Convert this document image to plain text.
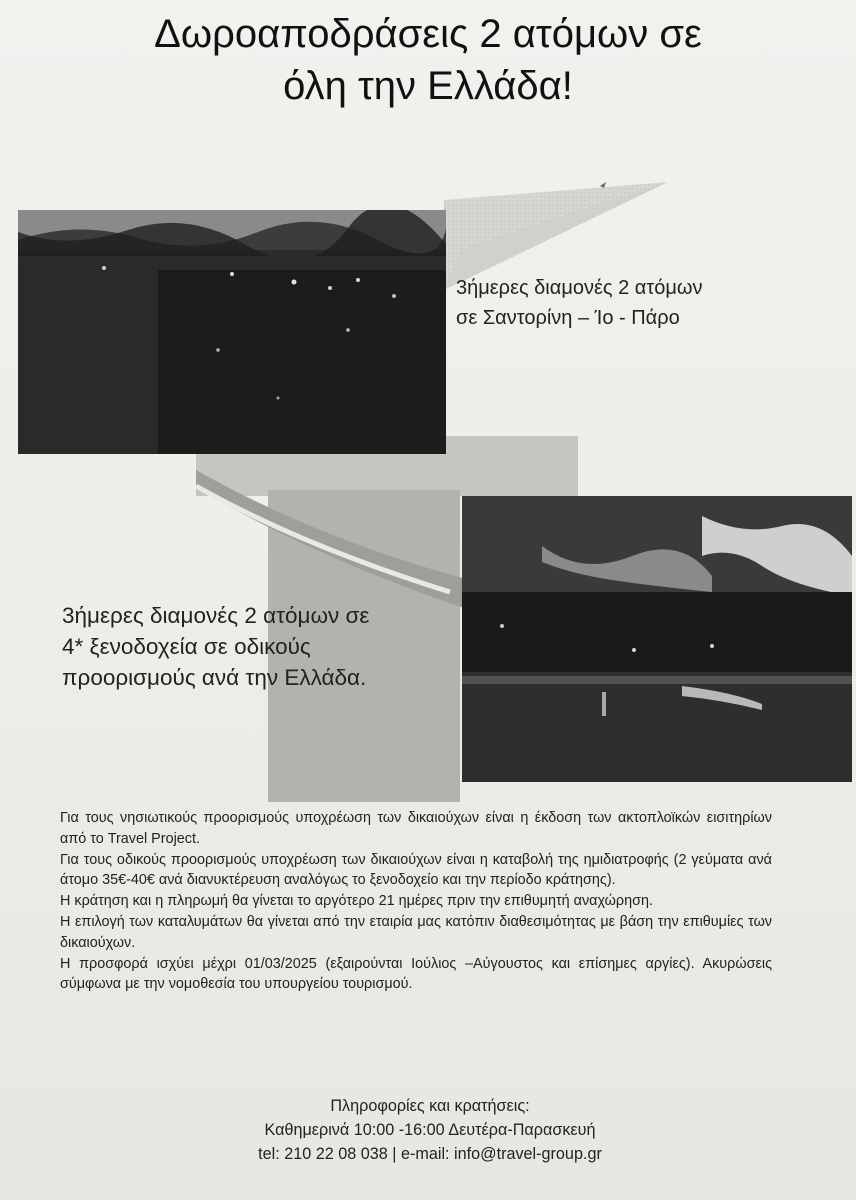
Δωροαποδράσεις 2 ατόμων σε
όλη την Ελλάδα!
3ήμερες διαμονές 2 ατόμων
σε Σαντορίνη – Ίο - Πάρο
3ήμερες διαμονές 2 ατόμων σε
4* ξενοδοχεία σε οδικούς
προορισμούς ανά την Ελλάδα.

Για τους νησιωτικούς προορισμούς υποχρέωση των δικαιούχων είναι η έκδοση των ακτοπλοϊκών εισιτηρίων από το Travel Project.

Για τους οδικούς προορισμούς υποχρέωση των δικαιούχων είναι η καταβολή της ημιδιατροφής (2 γεύματα ανά άτομο 35€-40€ ανά διανυκτέρευση αναλόγως το ξενοδοχείο και την περίοδο κράτησης).

Η κράτηση και η πληρωμή θα γίνεται το αργότερο 21 ημέρες πριν την επιθυμητή αναχώρηση.

Η επιλογή των καταλυμάτων θα γίνεται από την εταιρία μας κατόπιν διαθεσιμότητας με βάση την επιθυμίες των δικαιούχων.

Η προσφορά ισχύει μέχρι 01/03/2025 (εξαιρούνται Ιούλιος –Αύγουστος και επίσημες αργίες). Ακυρώσεις σύμφωνα με την νομοθεσία του υπουργείου τουρισμού.

Πληροφορίες και κρατήσεις:
Καθημερινά 10:00 -16:00 Δευτέρα-Παρασκευή
tel: 210 22 08 038 | e-mail: info@travel-group.gr
